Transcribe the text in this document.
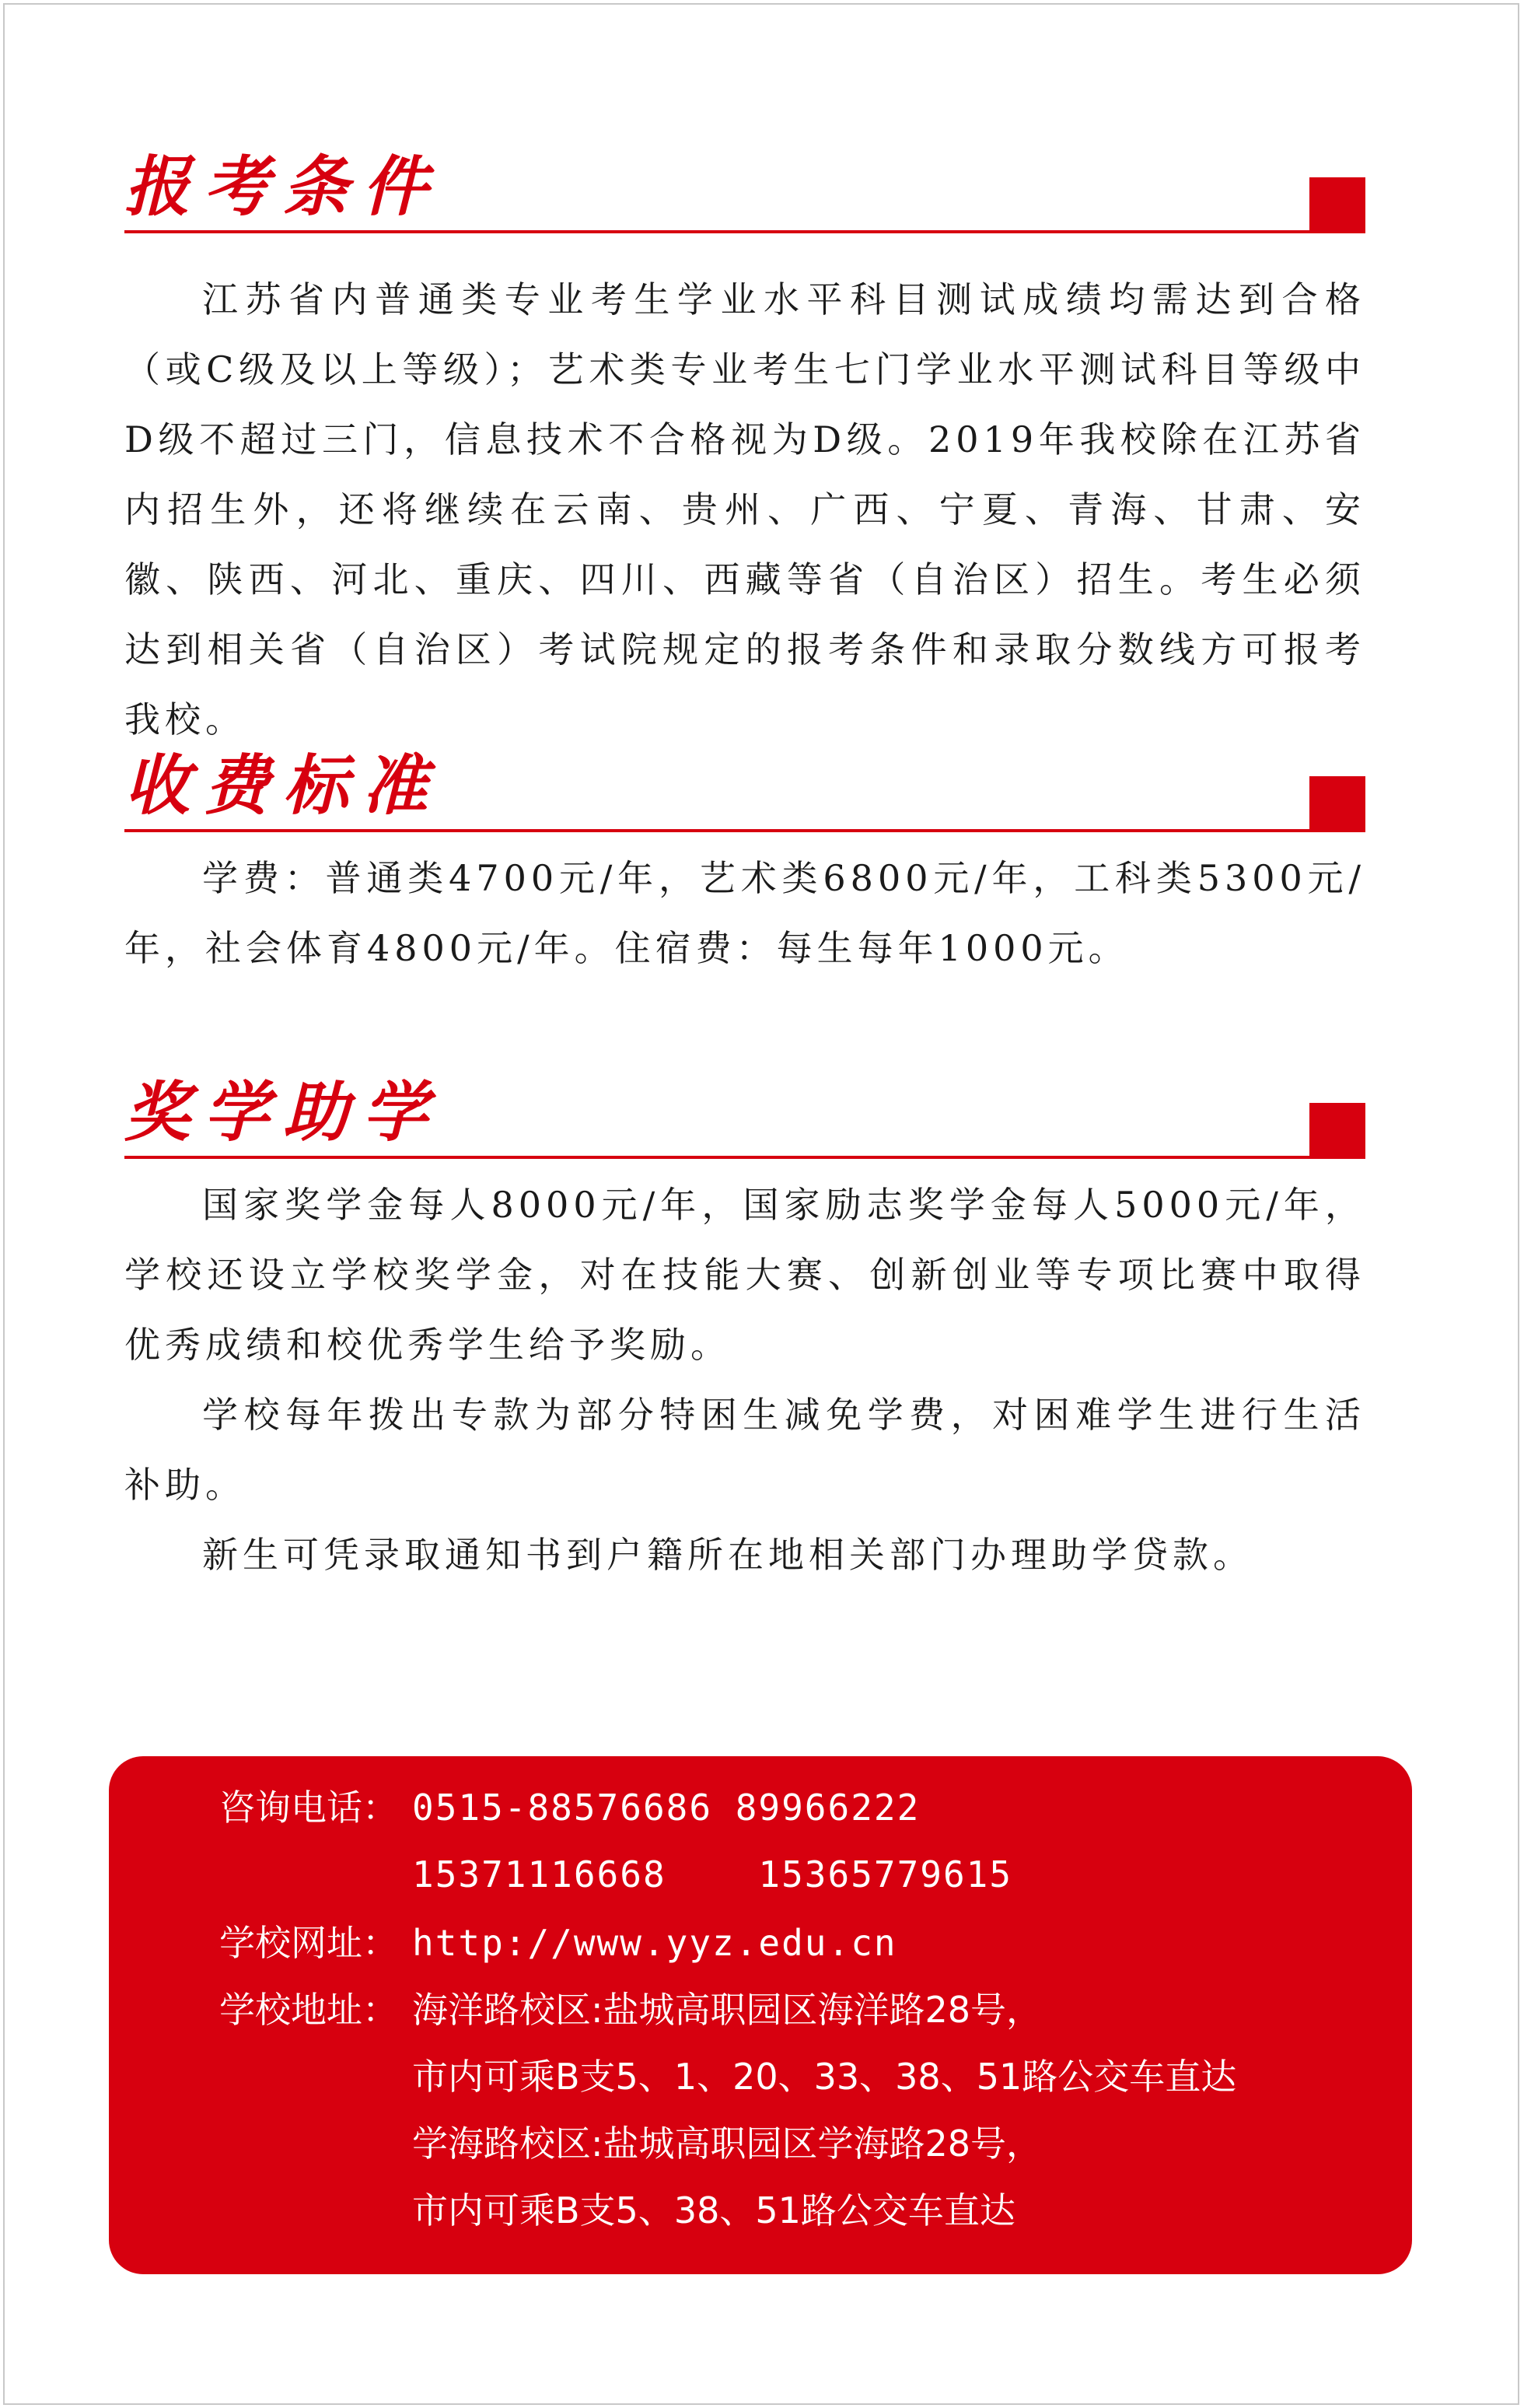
报考条件

江苏省内普通类专业考生学业水平科目测试成绩均需达到合格（或C级及以上等级）；艺术类专业考生七门学业水平测试科目等级中D级不超过三门，信息技术不合格视为D级。2019年我校除在江苏省内招生外，还将继续在云南、贵州、广西、宁夏、青海、甘肃、安徽、陕西、河北、重庆、四川、西藏等省（自治区）招生。考生必须达到相关省（自治区）考试院规定的报考条件和录取分数线方可报考我校。

收费标准

学费：普通类4700元/年，艺术类6800元/年，工科类5300元/年，社会体育4800元/年。住宿费：每生每年1000元。

奖学助学

国家奖学金每人8000元/年，国家励志奖学金每人5000元/年，学校还设立学校奖学金，对在技能大赛、创新创业等专项比赛中取得优秀成绩和校优秀学生给予奖励。

学校每年拨出专款为部分特困生减免学费，对困难学生进行生活补助。

新生可凭录取通知书到户籍所在地相关部门办理助学贷款。

咨询电话： 0515-88576686 89966222
15371116668    15365779615
学校网址： http://www.yyz.edu.cn
学校地址： 海洋路校区:盐城高职园区海洋路28号，
市内可乘B支5、1、20、33、38、51路公交车直达
学海路校区:盐城高职园区学海路28号，
市内可乘B支5、38、51路公交车直达
